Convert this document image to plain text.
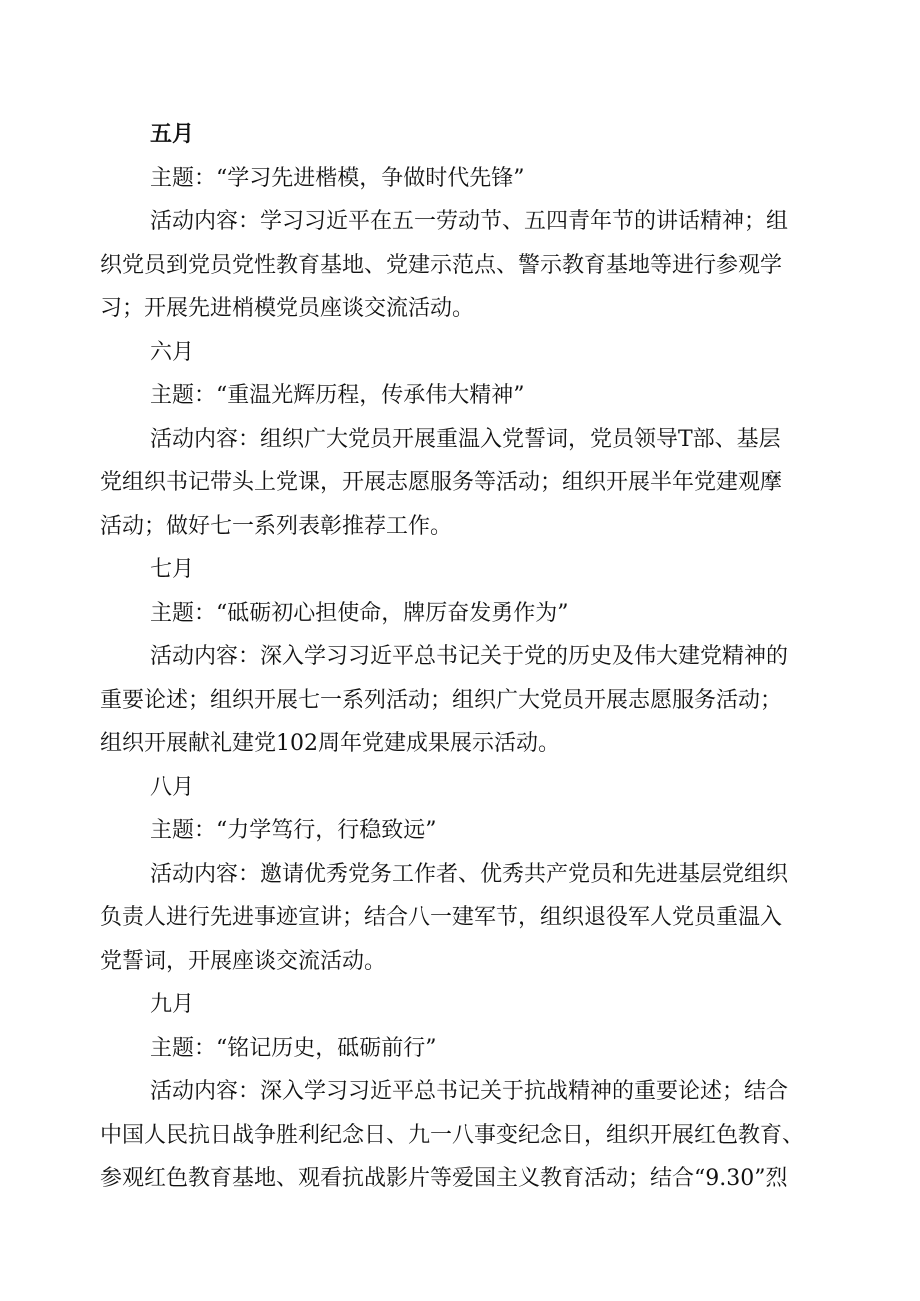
五月
主题：“学习先进楷模，争做时代先锋”
活动内容：学习习近平在五一劳动节、五四青年节的讲话精神；组
织党员到党员党性教育基地、党建示范点、警示教育基地等进行参观学
习；开展先进梢模党员座谈交流活动。
六月
主题：“重温光辉历程，传承伟大精神”
活动内容：组织广大党员开展重温入党誓词，党员领导T部、基层
党组织书记带头上党课，开展志愿服务等活动；组织开展半年党建观摩
活动；做好七一系列表彰推荐工作。
七月
主题：“砥砺初心担使命，牌厉奋发勇作为”
活动内容：深入学习习近平总书记关于党的历史及伟大建党精神的
重要论述；组织开展七一系列活动；组织广大党员开展志愿服务活动；
组织开展献礼建党102周年党建成果展示活动。
八月
主题：“力学笃行，行稳致远”
活动内容：邀请优秀党务工作者、优秀共产党员和先进基层党组织
负责人进行先进事迹宣讲；结合八一建军节，组织退役军人党员重温入
党誓词，开展座谈交流活动。
九月
主题：“铭记历史，砥砺前行”
活动内容：深入学习习近平总书记关于抗战精神的重要论述；结合
中国人民抗日战争胜利纪念日、九一八事变纪念日，组织开展红色教育、
参观红色教育基地、观看抗战影片等爱国主义教育活动；结合“9.30”烈
